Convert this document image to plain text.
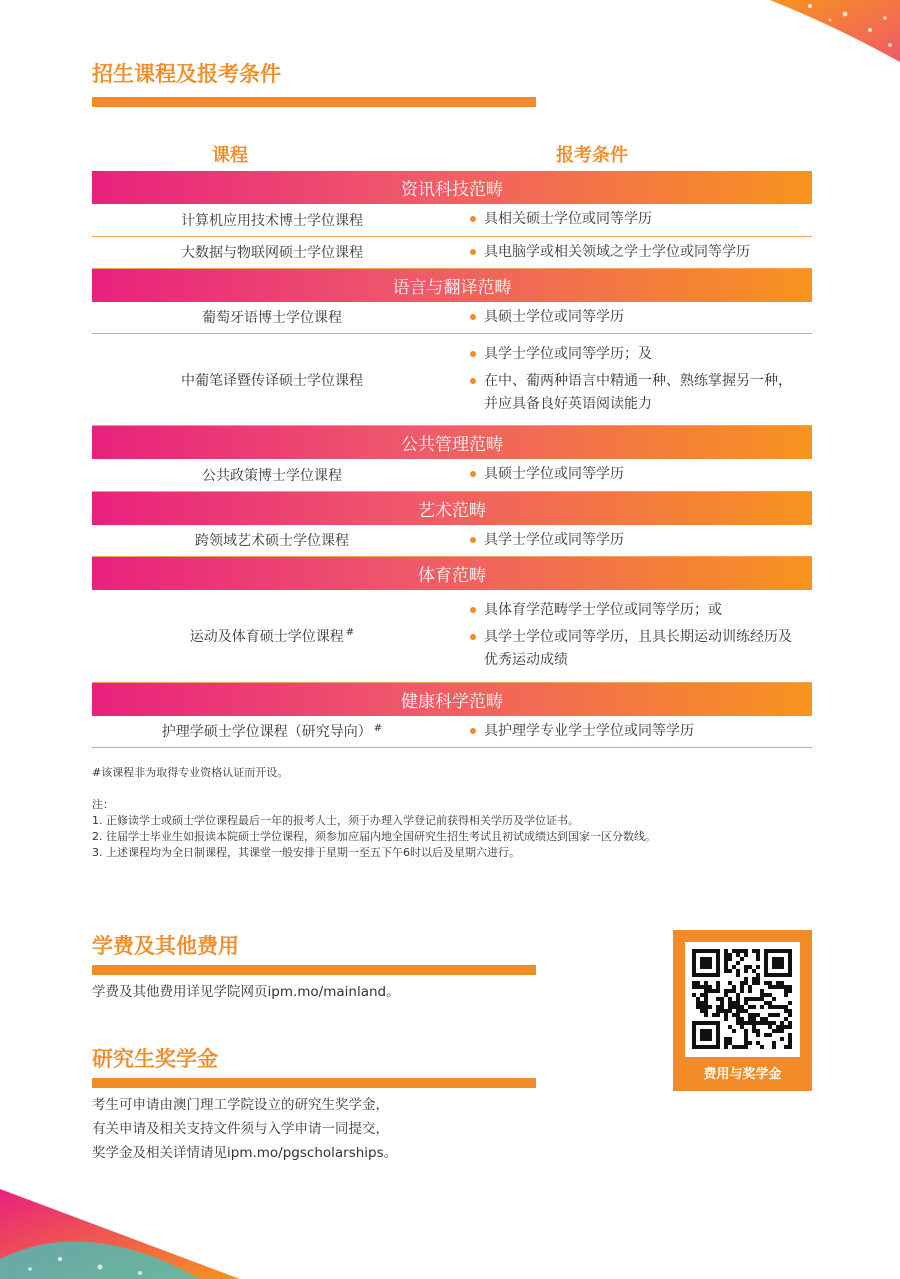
招生课程及报考条件
课程	报考条件
资讯科技范畴	
计算机应用技术博士学位课程	具相关硕士学位或同等学历

大数据与物联网硕士学位课程	具电脑学或相关领域之学士学位或同等学历

语言与翻译范畴	
葡萄牙语博士学位课程	具硕士学位或同等学历

中葡笔译暨传译硕士学位课程	具学士学位或同等学历；及
在中、葡两种语言中精通一种、熟练掌握另一种，并应具备良好英语阅读能力

公共管理范畴	
公共政策博士学位课程	具硕士学位或同等学历

艺术范畴	
跨领域艺术硕士学位课程	具学士学位或同等学历

体育范畴	
运动及体育硕士学位课程 #	具体育学范畴学士学位或同等学历；或
具学士学位或同等学历，且具长期运动训练经历及优秀运动成绩

健康科学范畴	
护理学硕士学位课程（研究导向） #	具护理学专业学士学位或同等学历
#该课程非为取得专业资格认证而开设。

注：

1. 正修读学士或硕士学位课程最后一年的报考人士，须于办理入学登记前获得相关学历及学位证书。

2. 往届学士毕业生如报读本院硕士学位课程，须参加应届内地全国研究生招生考试且初试成绩达到国家一区分数线。

3. 上述课程均为全日制课程，其课堂一般安排于星期一至五下午6时以后及星期六进行。

学费及其他费用

学费及其他费用详见学院网页ipm.mo/mainland。

研究生奖学金

考生可申请由澳门理工学院设立的研究生奖学金，

有关申请及相关支持文件须与入学申请一同提交，

奖学金及相关详情请见ipm.mo/pgscholarships。

费用与奖学金
